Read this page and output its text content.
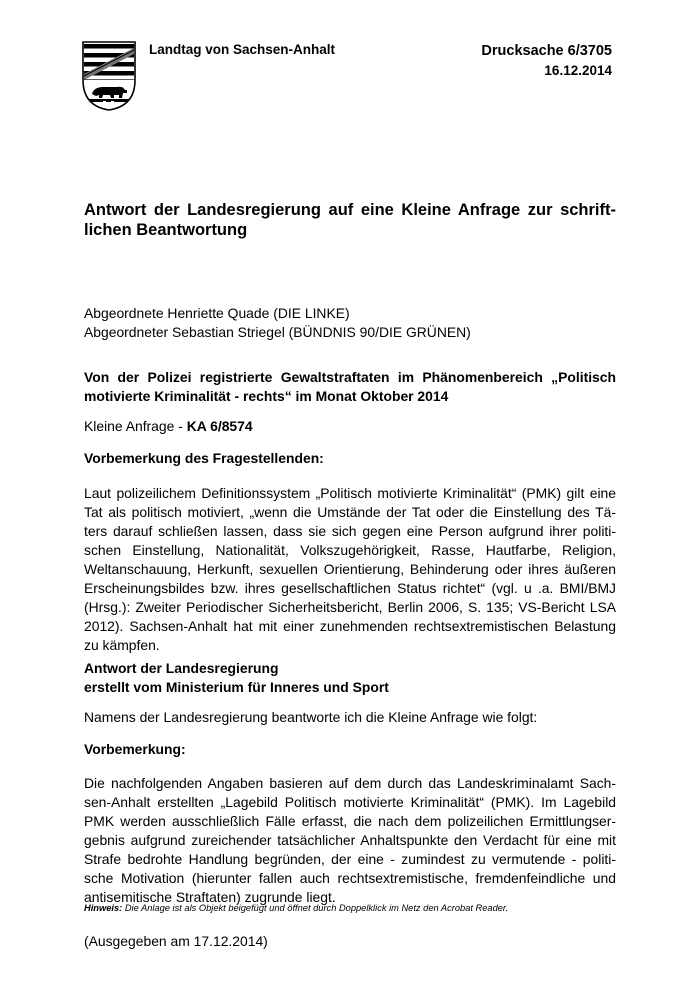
Landtag von Sachsen-Anhalt	Drucksache 6/3705
16.12.2014
Antwort der Landesregierung auf eine Kleine Anfrage zur schrift-
lichen Beantwortung
Abgeordnete Henriette Quade (DIE LINKE)
Abgeordneter Sebastian Striegel (BÜNDNIS 90/DIE GRÜNEN)
Von der Polizei registrierte Gewaltstraftaten im Phänomenbereich „Politisch
motivierte Kriminalität - rechts“ im Monat Oktober 2014
Kleine Anfrage - KA 6/8574
Vorbemerkung des Fragestellenden:
Laut polizeilichem Definitionssystem „Politisch motivierte Kriminalität“ (PMK) gilt eine
Tat als politisch motiviert, „wenn die Umstände der Tat oder die Einstellung des Tä-
ters darauf schließen lassen, dass sie sich gegen eine Person aufgrund ihrer politi-
schen Einstellung, Nationalität, Volkszugehörigkeit, Rasse, Hautfarbe, Religion,
Weltanschauung, Herkunft, sexuellen Orientierung, Behinderung oder ihres äußeren
Erscheinungsbildes bzw. ihres gesellschaftlichen Status richtet“ (vgl. u .a. BMI/BMJ
(Hrsg.): Zweiter Periodischer Sicherheitsbericht, Berlin 2006, S. 135; VS-Bericht LSA
2012). Sachsen-Anhalt hat mit einer zunehmenden rechtsextremistischen Belastung
zu kämpfen.
Antwort der Landesregierung
erstellt vom Ministerium für Inneres und Sport
Namens der Landesregierung beantworte ich die Kleine Anfrage wie folgt:
Vorbemerkung:
Die nachfolgenden Angaben basieren auf dem durch das Landeskriminalamt Sach-
sen-Anhalt erstellten „Lagebild Politisch motivierte Kriminalität“ (PMK). Im Lagebild
PMK werden ausschließlich Fälle erfasst, die nach dem polizeilichen Ermittlungser-
gebnis aufgrund zureichender tatsächlicher Anhaltspunkte den Verdacht für eine mit
Strafe bedrohte Handlung begründen, der eine - zumindest zu vermutende - politi-
sche Motivation (hierunter fallen auch rechtsextremistische, fremdenfeindliche und
antisemitische Straftaten) zugrunde liegt.
Hinweis: Die Anlage ist als Objekt beigefügt und öffnet durch Doppelklick im Netz den Acrobat Reader.
(Ausgegeben am 17.12.2014)
